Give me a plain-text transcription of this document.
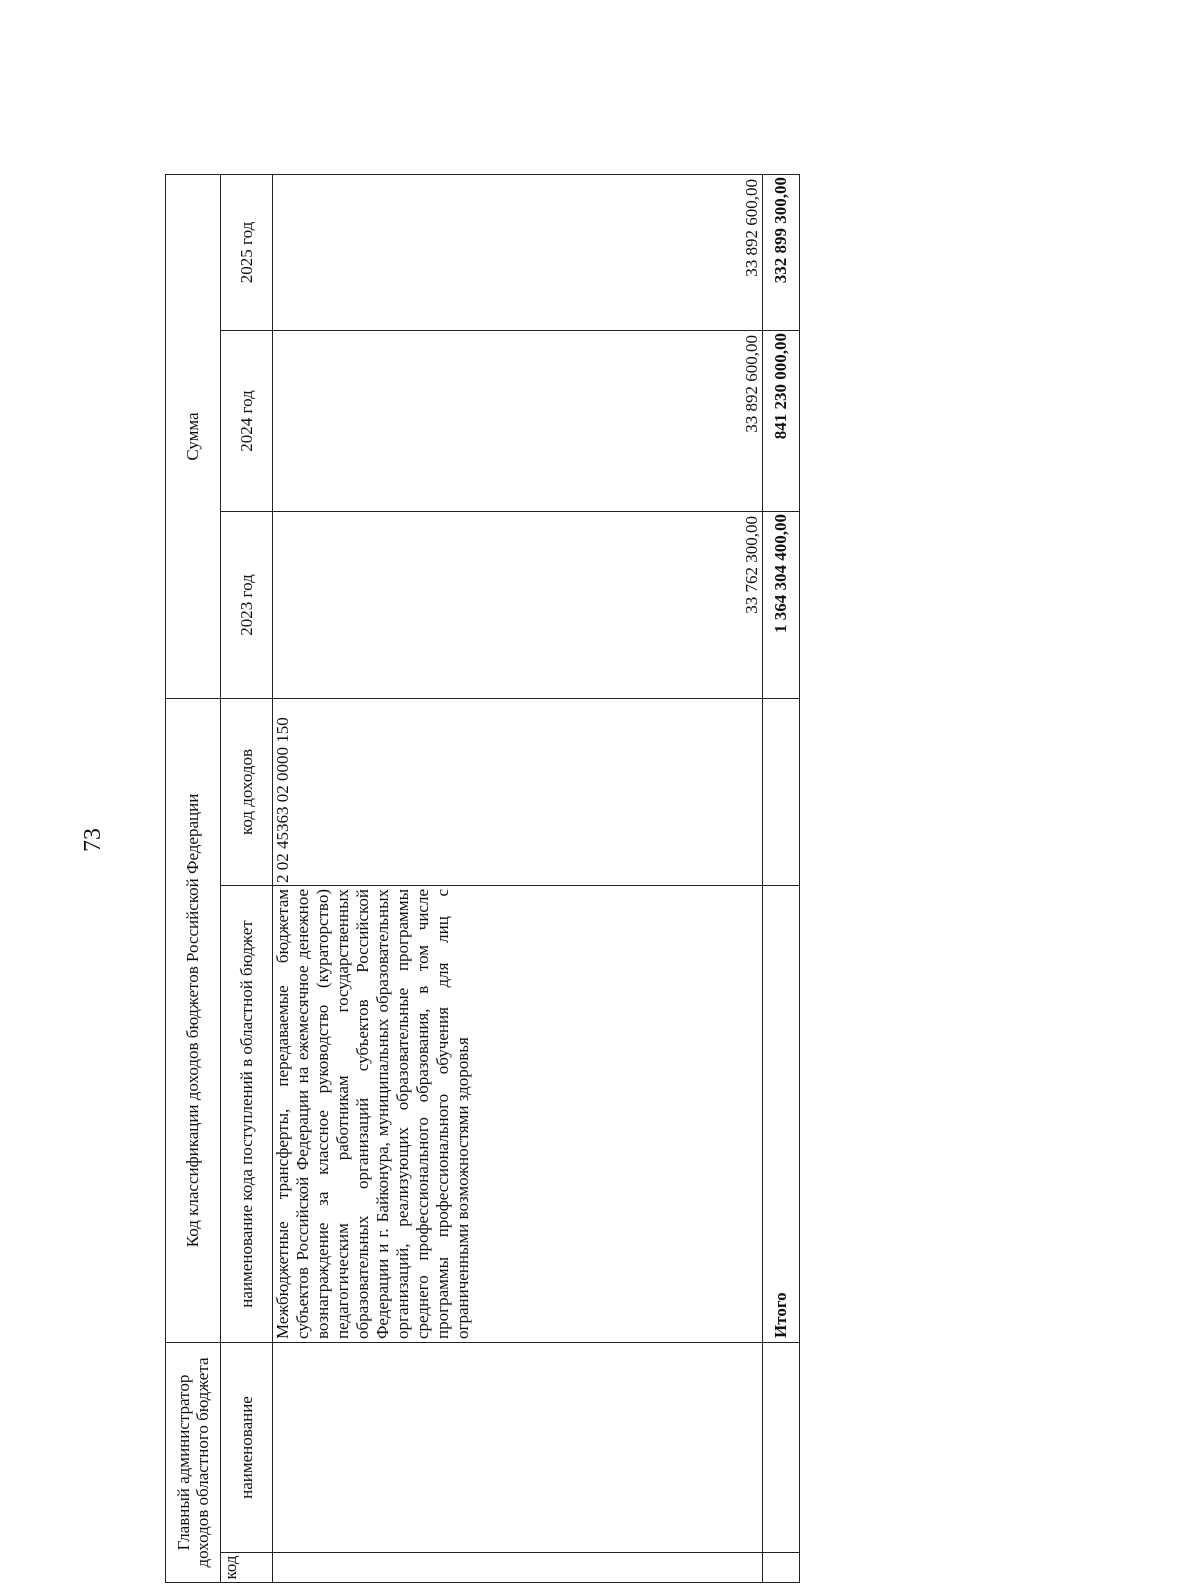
73
Главный администратор доходов областного бюджета		Код классификации доходов бюджетов Российской Федерации		Сумма		
код	наименование	наименование кода поступлений в областной бюджет	код доходов	2023 год	2024 год	2025 год
		Межбюджетные трансферты, передаваемые бюджетам субъектов Российской Федерации на ежемесячное денежное вознаграждение за классное руководство (кураторство) педагогическим работникам государственных образовательных организаций субъектов Российской Федерации и г. Байконура, муниципальных образовательных организаций, реализующих образовательные программы среднего профессионального образования, в том числе программы профессионального обучения для лиц с ограниченными возможностями здоровья	2 02 45363 02 0000 150	33 762 300,00	33 892 600,00	33 892 600,00
		Итого		1 364 304 400,00	841 230 000,00	332 899 300,00
